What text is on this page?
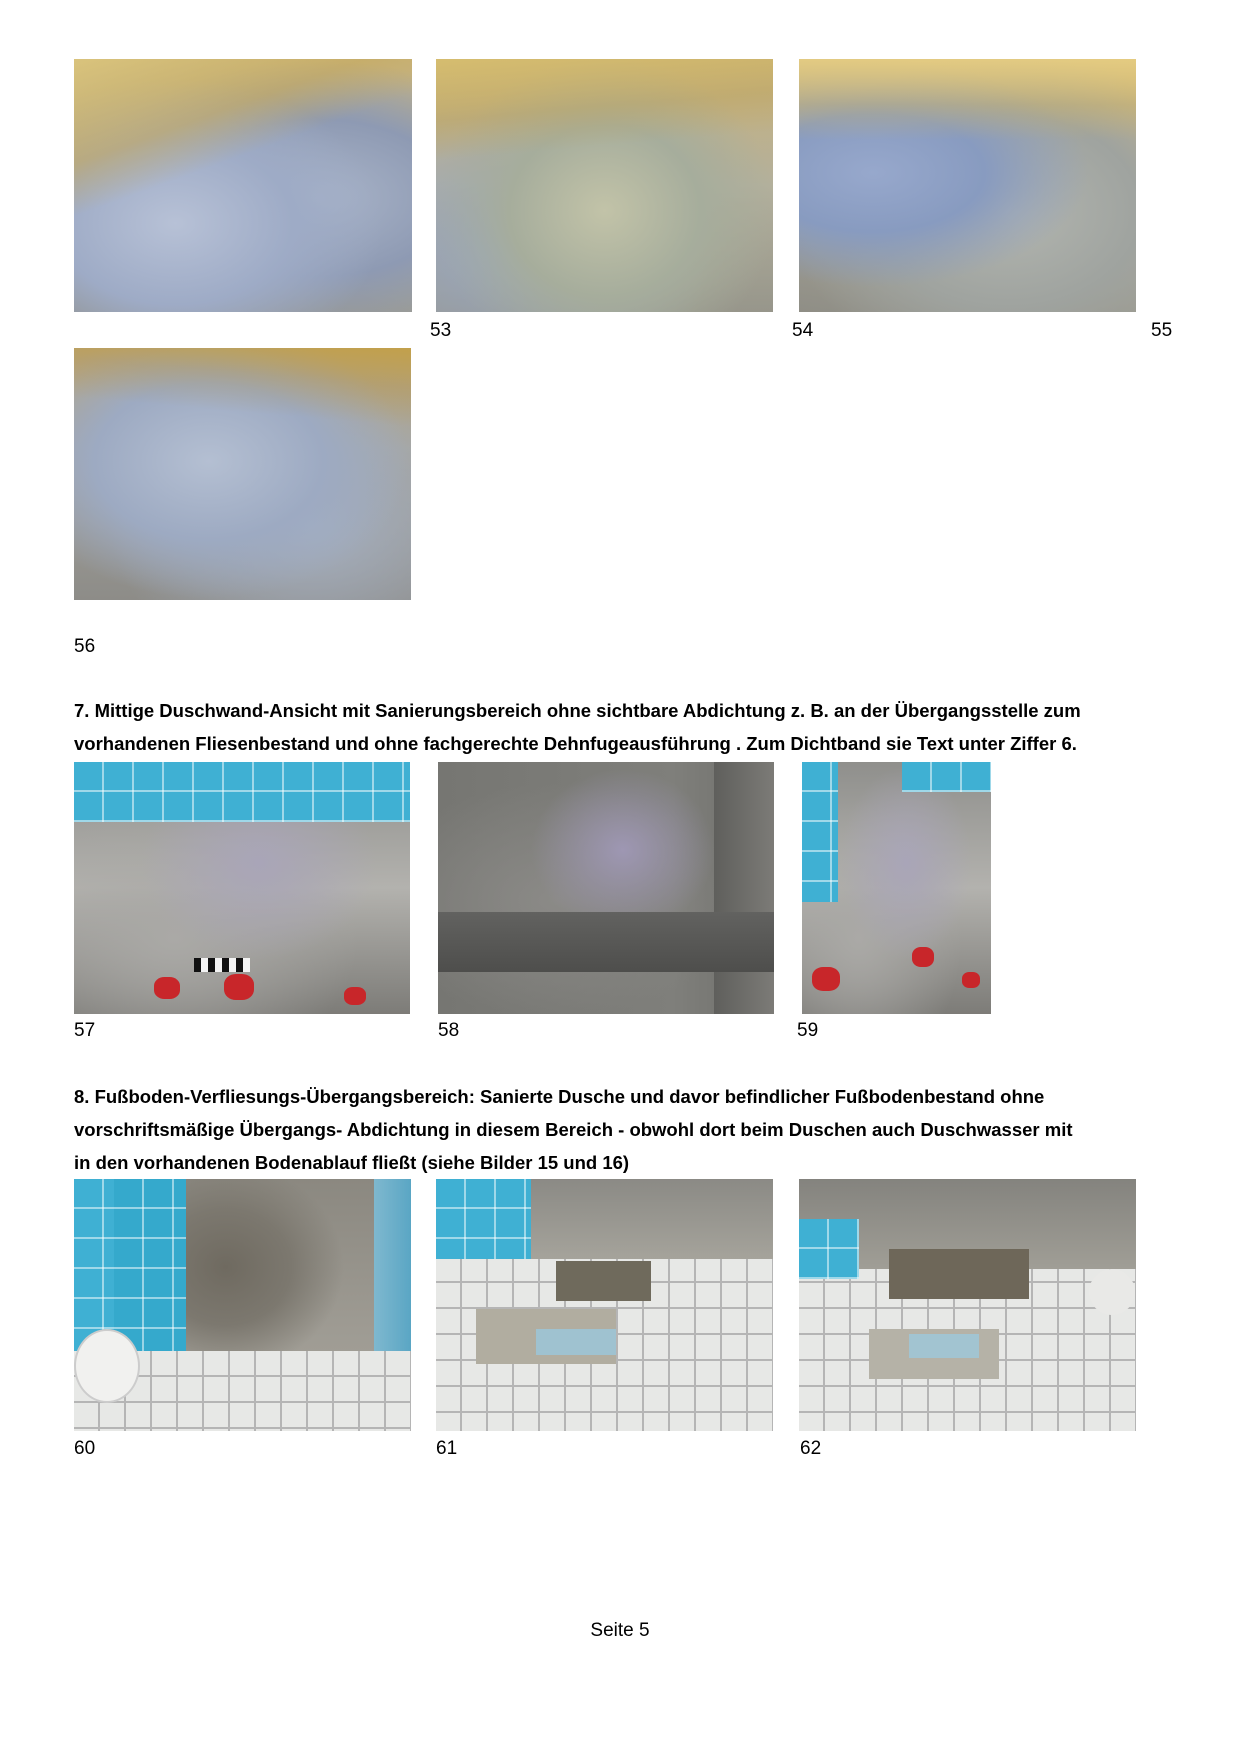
53	54	55
56
7. Mittige Duschwand-Ansicht mit Sanierungsbereich ohne sichtbare Abdichtung z. B. an der Übergangsstelle zum
vorhandenen Fliesenbestand und ohne fachgerechte Dehnfugeausführung . Zum Dichtband sie Text unter Ziffer 6.
57	58	59
8. Fußboden-Verfliesungs-Übergangsbereich: Sanierte Dusche und davor befindlicher Fußbodenbestand ohne
vorschriftsmäßige Übergangs- Abdichtung in diesem Bereich - obwohl dort beim Duschen auch Duschwasser mit
in den vorhandenen Bodenablauf fließt (siehe Bilder 15 und 16)
60	61	62
Seite 5
